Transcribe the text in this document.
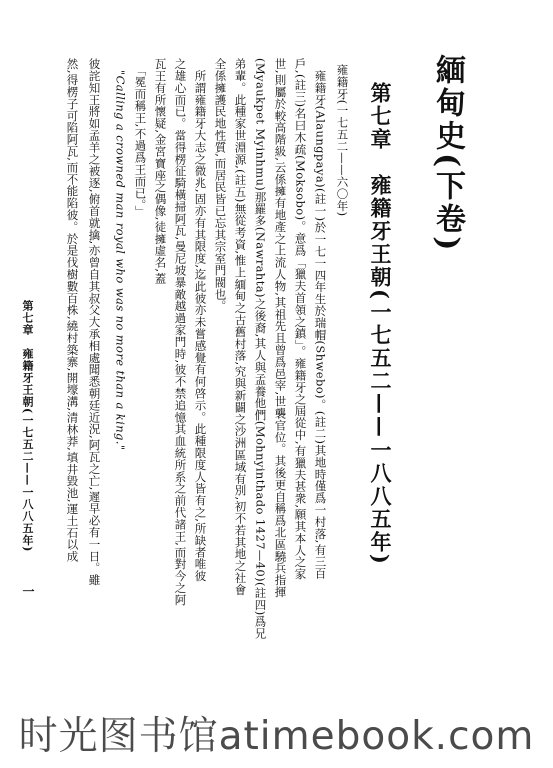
緬甸史(下卷)
第七章　雍籍牙王朝(一七五二——一八八五年)
雍籍牙(一七五二——六〇年)
　雍籍牙(Alaungpaya)(註一)於一七一四年生於瑞帽(Shwebo)。(註二)其地時僅爲一村落,有三百
戶,(註三)名曰木疏(Moksobo)。意爲「獵夫首領之鎮」。雍籍牙之屆從中,有獵夫甚衆,願其本人之家
世,則屬於較高階級,云係擁有地產之上流人物,其祖先且曾爲邑宰,世襲官位。其後更自稱爲北區驍兵指揮
(Myaukpet Myinhmu)那羅多(Nawrahta)之後裔,其人與孟養他們(Mohnyinthado 1427—40)(註四)爲兄
弟輩。此種家世淵源,(註五)無從考資,惟上緬甸之古舊村落,究與新闢之沙洲區域有別,初不若其地之社會
全係擁護民地性質,而居民皆已忘其宗室門閥也。
　所謂雍籍牙大志之微兆,固亦有其限度,迄此彼亦未嘗感覺有何啓示。此種限度人皆有之,所缺者唯彼
之雄心而已。當得楞征騎橫掃阿瓦,曼尼坡暴敵越過家門時,彼不禁追憶其血統所系之前代諸王,而對今之阿
瓦王有所懷疑,金宮寶座之偶像,徒擁虛名,蓋
　「冕而稱王,不過爲王而已。」
　"Calling a crowned man royal who was no more than a king."
彼詫知王將如孟羊之被逐,俯首就擒,亦曾自其叔父大承相處聞悉朝廷近況,阿瓦之亡,遲早必有一日。雖
然,得楞子可陷阿瓦,而不能陷彼。於是伐樹數百株,繞村築寨,開壕溝,清林莽,填井毀池,運土石以成
第七章　雍籍牙王朝(一七五二——一八八五年)
一
时光图书馆atimebook.com
